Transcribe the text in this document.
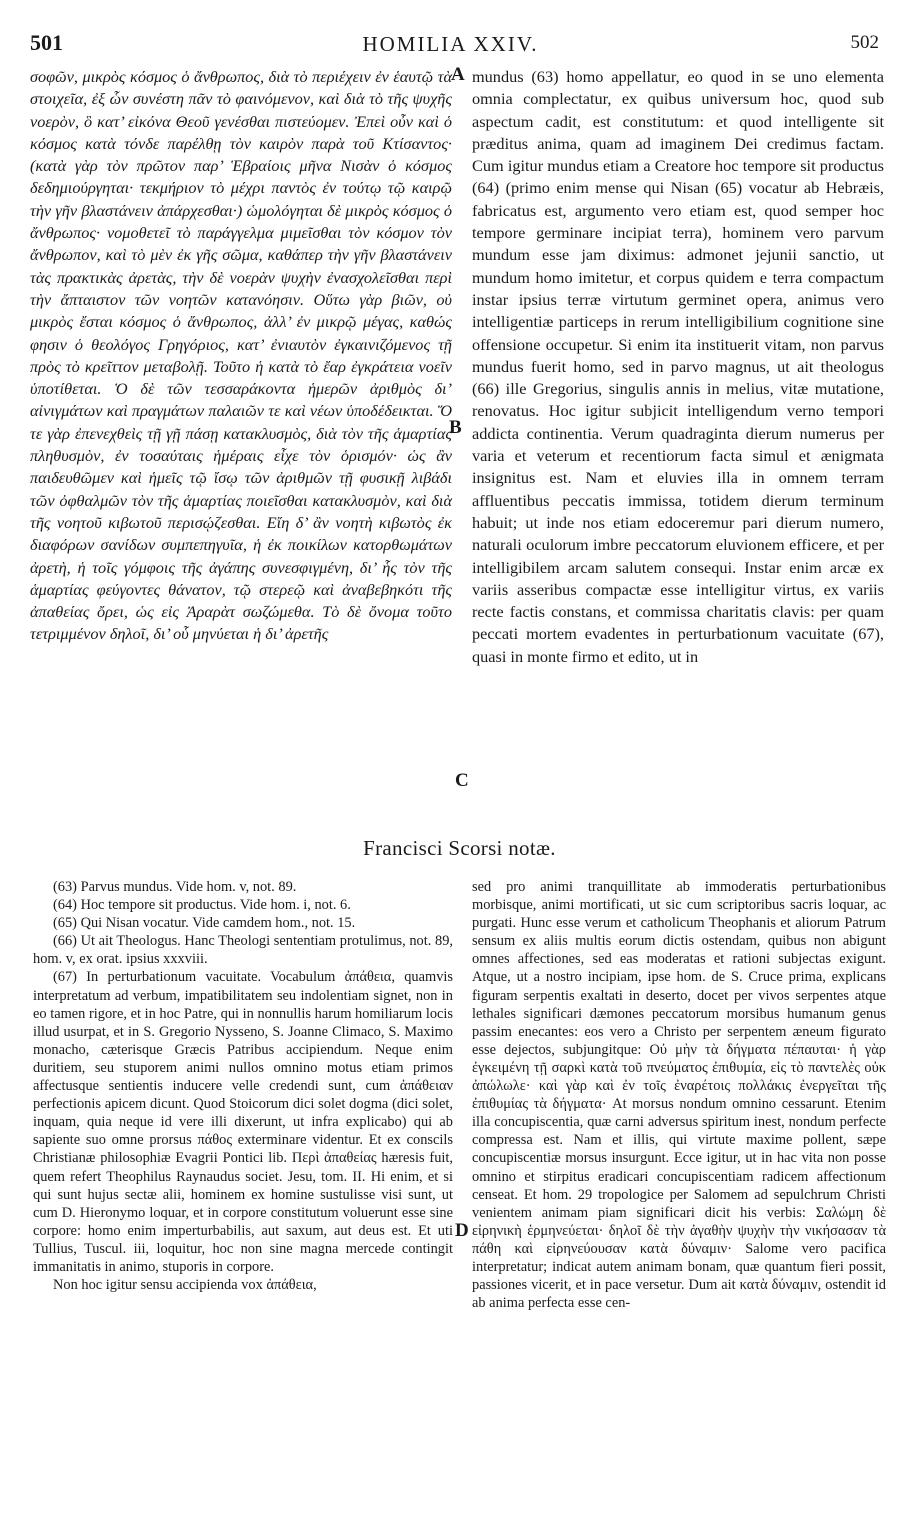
501	HOMILIA XXIV.	502
σοφῶν, μικρὸς κόσμος ὁ ἄνθρωπος, διὰ τὸ περιέχειν ἐν ἑαυτῷ τὰ στοιχεῖα, ἐξ ὧν συνέστη πᾶν τὸ φαινόμενον, καὶ διὰ τὸ τῆς ψυχῆς νοερὸν, ὃ κατ’ εἰκόνα Θεοῦ γενέσθαι πιστεύομεν. Ἐπεὶ οὖν καὶ ὁ κόσμος κατὰ τόνδε παρέλθῃ τὸν καιρὸν παρὰ τοῦ Κτίσαντος· (κατὰ γὰρ τὸν πρῶτον παρ’ Ἑβραίοις μῆνα Νισὰν ὁ κόσμος δεδημιούργηται· τεκμήριον τὸ μέχρι παντὸς ἐν τούτῳ τῷ καιρῷ τὴν γῆν βλαστάνειν ἀπάρχεσθαι·) ὡμολόγηται δὲ μικρὸς κόσμος ὁ ἄνθρωπος· νομοθετεῖ τὸ παράγγελμα μιμεῖσθαι τὸν κόσμον τὸν ἄνθρωπον, καὶ τὸ μὲν ἐκ γῆς σῶμα, καθάπερ τὴν γῆν βλαστάνειν τὰς πρακτικὰς ἀρετὰς, τὴν δὲ νοερὰν ψυχὴν ἐνασχολεῖσθαι περὶ τὴν ἄπταιστον τῶν νοητῶν κατανόησιν. Οὕτω γὰρ βιῶν, οὐ μικρὸς ἔσται κόσμος ὁ ἄνθρωπος, ἀλλ’ ἐν μικρῷ μέγας, καθώς φησιν ὁ θεολόγος Γρηγόριος, κατ’ ἐνιαυτὸν ἐγκαινιζόμενος τῇ πρὸς τὸ κρεῖττον μεταβολῇ. Τοῦτο ἡ κατὰ τὸ ἔαρ ἐγκράτεια νοεῖν ὑποτίθεται. Ὁ δὲ τῶν τεσσαράκοντα ἡμερῶν ἀριθμὸς δι’ αἰνιγμάτων καὶ πραγμάτων παλαιῶν τε καὶ νέων ὑποδέδεικται. Ὅ τε γὰρ ἐπενεχθεὶς τῇ γῇ πάσῃ κατακλυσμὸς, διὰ τὸν τῆς ἁμαρτίας πληθυσμὸν, ἐν τοσαύταις ἡμέραις εἶχε τὸν ὁρισμόν· ὡς ἂν παιδευθῶμεν καὶ ἡμεῖς τῷ ἴσῳ τῶν ἀριθμῶν τῇ φυσικῇ λιβάδι τῶν ὀφθαλμῶν τὸν τῆς ἁμαρτίας ποιεῖσθαι κατακλυσμὸν, καὶ διὰ τῆς νοητοῦ κιβωτοῦ περισῴζεσθαι. Εἴη δ’ ἂν νοητὴ κιβωτὸς ἐκ διαφόρων σανίδων συμπεπηγυῖα, ἡ ἐκ ποικίλων κατορθωμάτων ἀρετὴ, ἡ τοῖς γόμφοις τῆς ἀγάπης συνεσφιγμένη, δι’ ἧς τὸν τῆς ἁμαρτίας φεύγοντες θάνατον, τῷ στερεῷ καὶ ἀναβεβηκότι τῆς ἀπαθείας ὄρει, ὡς εἰς Ἀραρὰτ σωζώμεθα. Τὸ δὲ ὄνομα τοῦτο τετριμμένον δηλοῖ, δι’ οὗ μηνύεται ἡ δι’ ἀρετῆς
A
B
C
D
mundus (63) homo appellatur, eo quod in se uno elementa omnia complectatur, ex quibus universum hoc, quod sub aspectum cadit, est constitutum: et quod intelligente sit præditus anima, quam ad imaginem Dei credimus factam. Cum igitur mundus etiam a Creatore hoc tempore sit productus (64) (primo enim mense qui Nisan (65) vocatur ab Hebræis, fabricatus est, argumento vero etiam est, quod semper hoc tempore germinare incipiat terra), hominem vero parvum mundum esse jam diximus: admonet jejunii sanctio, ut mundum homo imitetur, et corpus quidem e terra compactum instar ipsius terræ virtutum germinet opera, animus vero intelligentiæ particeps in rerum intelligibilium cognitione sine offensione occupetur. Si enim ita instituerit vitam, non parvus mundus fuerit homo, sed in parvo magnus, ut ait theologus (66) ille Gregorius, singulis annis in melius, vitæ mutatione, renovatus. Hoc igitur subjicit intelligendum verno tempori addicta continentia. Verum quadraginta dierum numerus per varia et veterum et recentiorum facta simul et ænigmata insignitus est. Nam et eluvies illa in omnem terram affluentibus peccatis immissa, totidem dierum terminum habuit; ut inde nos etiam edoceremur pari dierum numero, naturali oculorum imbre peccatorum eluvionem efficere, et per intelligibilem arcam salutem consequi. Instar enim arcæ ex variis asseribus compactæ esse intelligitur virtus, ex variis recte factis constans, et commissa charitatis clavis: per quam peccati mortem evadentes in perturbationum vacuitate (67), quasi in monte firmo et edito, ut in
Francisci Scorsi notæ.

(63) Parvus mundus. Vide hom. v, not. 89.

(64) Hoc tempore sit productus. Vide hom. i, not. 6.

(65) Qui Nisan vocatur. Vide camdem hom., not. 15.

(66) Ut ait Theologus. Hanc Theologi sententiam protulimus, not. 89, hom. v, ex orat. ipsius xxxviii.

(67) In perturbationum vacuitate. Vocabulum ἀπάθεια, quamvis interpretatum ad verbum, impatibilitatem seu indolentiam signet, non in eo tamen rigore, et in hoc Patre, qui in nonnullis harum homiliarum locis illud usurpat, et in S. Gregorio Nysseno, S. Joanne Climaco, S. Maximo monacho, cæterisque Græcis Patribus accipiendum. Neque enim duritiem, seu stuporem animi nullos omnino motus etiam primos affectusque sentientis inducere velle credendi sunt, cum ἀπάθειαν perfectionis apicem dicunt. Quod Stoicorum dici solet dogma (dici solet, inquam, quia neque id vere illi dixerunt, ut infra explicabo) qui ab sapiente suo omne prorsus πάθος exterminare videntur. Et ex conscils Christianæ philosophiæ Evagrii Pontici lib. Περὶ ἀπαθείας hæresis fuit, quem refert Theophilus Raynaudus societ. Jesu, tom. II. Hi enim, et si qui sunt hujus sectæ alii, hominem ex homine sustulisse visi sunt, ut cum D. Hieronymo loquar, et in corpore constitutum voluerunt esse sine corpore: homo enim imperturbabilis, aut saxum, aut deus est. Et uti Tullius, Tuscul. iii, loquitur, hoc non sine magna mercede contingit immanitatis in animo, stuporis in corpore.

Non hoc igitur sensu accipienda vox ἀπάθεια,

sed pro animi tranquillitate ab immoderatis perturbationibus morbisque, animi mortificati, ut sic cum scriptoribus sacris loquar, ac purgati. Hunc esse verum et catholicum Theophanis et aliorum Patrum sensum ex aliis multis eorum dictis ostendam, quibus non abigunt omnes affectiones, sed eas moderatas et rationi subjectas exigunt. Atque, ut a nostro incipiam, ipse hom. de S. Cruce prima, explicans figuram serpentis exaltati in deserto, docet per vivos serpentes atque lethales significari dæmones peccatorum morsibus humanum genus passim enecantes: eos vero a Christo per serpentem æneum figurato esse dejectos, subjungitque: Οὐ μὴν τὰ δήγματα πέπαυται· ἡ γὰρ ἐγκειμένη τῇ σαρκὶ κατὰ τοῦ πνεύματος ἐπιθυμία, εἰς τὸ παντελὲς οὐκ ἀπώλωλε· καὶ γὰρ καὶ ἐν τοῖς ἐναρέτοις πολλάκις ἐνεργεῖται τῆς ἐπιθυμίας τὰ δήγματα· At morsus nondum omnino cessarunt. Etenim illa concupiscentia, quæ carni adversus spiritum inest, nondum perfecte compressa est. Nam et illis, qui virtute maxime pollent, sæpe concupiscentiæ morsus insurgunt. Ecce igitur, ut in hac vita non posse omnino et stirpitus eradicari concupiscentiam radicem affectionum censeat. Et hom. 29 tropologice per Salomem ad sepulchrum Christi venientem animam piam significari dicit his verbis: Σαλώμη δὲ εἰρηνικὴ ἑρμηνεύεται· δηλοῖ δὲ τὴν ἀγαθὴν ψυχὴν τὴν νικήσασαν τὰ πάθη καὶ εἰρηνεύουσαν κατὰ δύναμιν· Salome vero pacifica interpretatur; indicat autem animam bonam, quæ quantum fieri possit, passiones vicerit, et in pace versetur. Dum ait κατὰ δύναμιν, ostendit id ab anima perfecta esse cen-
